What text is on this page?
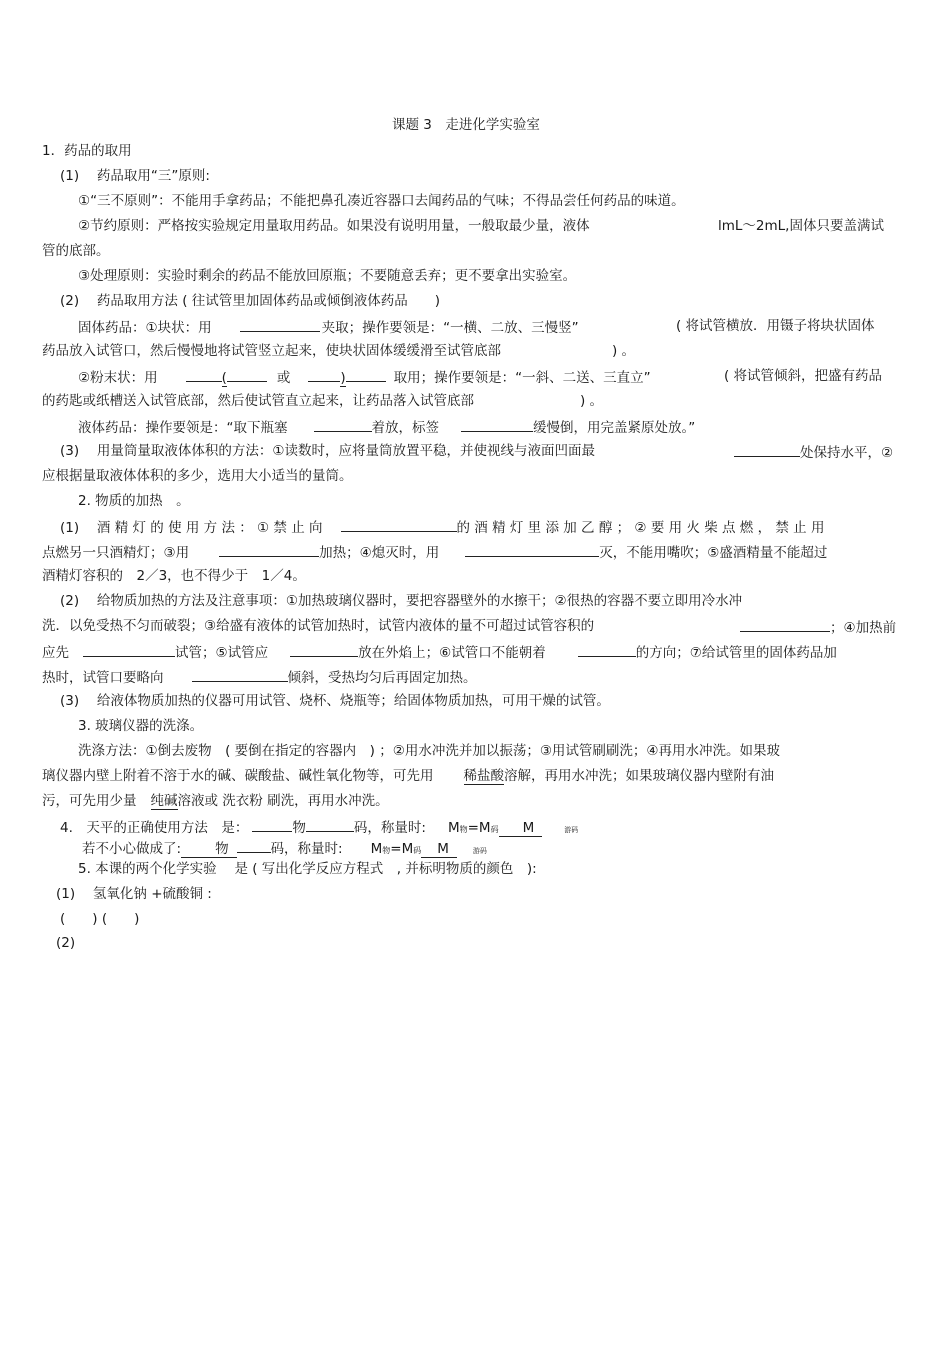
课题 3　走进化学实验室
1．药品的取用
(1)　 药品取用“三”原则:
①“三不原则”：不能用手拿药品；不能把鼻孔凑近容器口去闻药品的气味；不得品尝任何药品的味道。
②节约原则：严格按实验规定用量取用药品。如果没有说明用量，一般取最少量，液体	lmL～2mL,固体只要盖满试
管的底部。
③处理原则：实验时剩余的药品不能放回原瓶；不要随意丢弃；更不要拿出实验室。
(2)　 药品取用方法 ( 往试管里加固体药品或倾倒液体药品　　)
固体药品：①块状：用	夹取；操作要领是：“一横、二放、三慢竖”	( 将试管横放．用镊子将块状固体
药品放入试管口，然后慢慢地将试管竖立起来，使块状固体缓缓滑至试管底部	) 。
②粉末状：用	(	或	)	取用；操作要领是：“一斜、二送、三直立”	( 将试管倾斜，把盛有药品
的药匙或纸槽送入试管底部，然后使试管直立起来，让药品落入试管底部	) 。
液体药品：操作要领是：“取下瓶塞	着放，标签	缓慢倒，用完盖紧原处放。”
(3)　 用量筒量取液体体积的方法：①读数时，应将量筒放置平稳，并使视线与液面凹面最	处保持水平，②
应根据量取液体体积的多少，选用大小适当的量筒。
2. 物质的加热　。
(1)　 酒 精 灯 的 使 用 方 法 ： ① 禁 止 向	的 酒 精 灯 里 添 加 乙 醇 ； ② 要 用 火 柴 点 燃 ， 禁 止 用
点燃另一只酒精灯；③用	加热；④熄灭时，用	灭，不能用嘴吹；⑤盛酒精量不能超过
酒精灯容积的　2／3，也不得少于　1／4。
(2)　 给物质加热的方法及注意事项：①加热玻璃仪器时，要把容器壁外的水擦干；②很热的容器不要立即用冷水冲
洗．以免受热不匀而破裂；③给盛有液体的试管加热时，试管内液体的量不可超过试管容积的	；④加热前
应先	试管；⑤试管应	放在外焰上；⑥试管口不能朝着	的方向；⑦给试管里的固体药品加
热时，试管口要略向	倾斜，受热均匀后再固定加热。
(3)　 给液体物质加热的仪器可用试管、烧杯、烧瓶等；给固体物质加热，可用干燥的试管。
3. 玻璃仪器的洗涤。
洗涤方法：①倒去废物　( 要倒在指定的容器内　) ；②用水冲洗并加以振荡；③用试管刷刷洗；④再用水冲洗。如果玻
璃仪器内壁上附着不溶于水的碱、碳酸盐、碱性氧化物等，可先用 稀盐酸溶解，再用水冲洗；如果玻璃仪器内壁附有油
污，可先用少量 纯碱溶液或 洗衣粉 刷洗，再用水冲洗。
4.　天平的正确使用方法　是：	物	码，称量时: M物=M码 M	游码
若不小心做成了:	物	码，称量时: M物=M码 M	游码
5. 本课的两个化学实验　 是 ( 写出化学反应方程式　, 并标明物质的颜色　):
(1)　 氢氧化钠 +硫酸铜 :
(　　) (　　)
(2)
